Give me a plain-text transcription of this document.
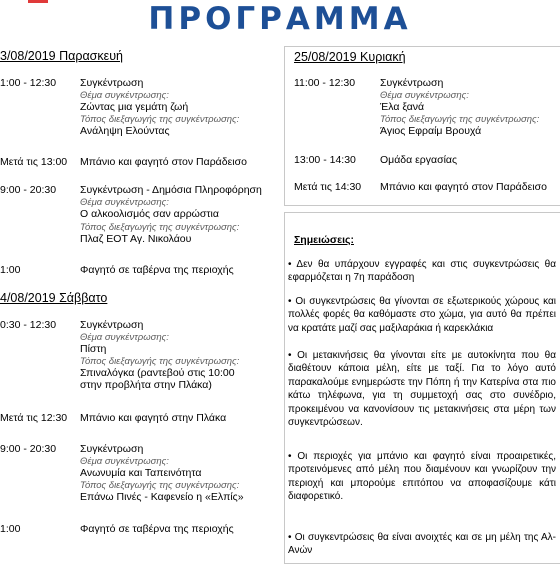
ΠΡΟΓΡΑΜΜΑ
3/08/2019 Παρασκευή
1:00 - 12:30 Συγκέντρωση
Θέμα συγκέντρωσης:
Ζώντας μια γεμάτη ζωή
Τόπος διεξαγωγής της συγκέντρωσης:
Ανάληψη Ελούντας
Μετά τις 13:00 Μπάνιο και φαγητό στον Παράδεισο
9:00 - 20:30 Συγκέντρωση - Δημόσια Πληροφόρηση
Θέμα συγκέντρωσης:
Ο αλκοολισμός σαν αρρώστια
Τόπος διεξαγωγής της συγκέντρωσης:
Πλαζ ΕΟΤ Αγ. Νικολάου
1:00	Φαγητό σε ταβέρνα της περιοχής
4/08/2019 Σάββατο
0:30 - 12:30 Συγκέντρωση
Θέμα συγκέντρωσης:
Πίστη
Τόπος διεξαγωγής της συγκέντρωσης:
Σπιναλόγκα (ραντεβού στις 10:00
στην προβλήτα στην Πλάκα)
Μετά τις 12:30 Μπάνιο και φαγητό στην Πλάκα
9:00 - 20:30 Συγκέντρωση
Θέμα συγκέντρωσης:
Ανωνυμία και Ταπεινότητα
Τόπος διεξαγωγής της συγκέντρωσης:
Επάνω Πινές - Καφενείο η «Ελπίς»
1:00	Φαγητό σε ταβέρνα της περιοχής
25/08/2019 Κυριακή
11:00 - 12:30 Συγκέντρωση
Θέμα συγκέντρωσης:
Έλα ξανά
Τόπος διεξαγωγής της συγκέντρωσης:
Άγιος Εφραίμ Βρουχά
13:00 - 14:30 Ομάδα εργασίας
Μετά τις 14:30 Μπάνιο και φαγητό στον Παράδεισο
Σημειώσεις:
• Δεν θα υπάρχουν εγγραφές και στις συγκεντρώσεις θα εφαρμόζεται η 7η παράδοση
• Οι συγκεντρώσεις θα γίνονται σε εξωτερικούς χώρους και πολλές φορές θα καθόμαστε στο χώμα, για αυτό θα πρέπει να κρατάτε μαζί σας μαξιλαράκια ή καρεκλάκια
• Οι μετακινήσεις θα γίνονται είτε με αυτοκίνητα που θα διαθέτουν κάποια μέλη, είτε με ταξί. Για το λόγο αυτό παρακαλούμε ενημερώστε την Πόπη ή την Κατερίνα στα πιο κάτω τηλέφωνα, για τη συμμετοχή σας στο συνέδριο, προκειμένου να κανονίσουν τις μετακινήσεις στα μέρη των συγκεντρώσεων.
• Οι περιοχές για μπάνιο και φαγητό είναι προαιρετικές, προτεινόμενες από μέλη που διαμένουν και γνωρίζουν την περιοχή και μπορούμε επιτόπου να αποφασίζουμε κάτι διαφορετικό.
• Οι συγκεντρώσεις θα είναι ανοιχτές και σε μη μέλη της Αλ-Ανών
